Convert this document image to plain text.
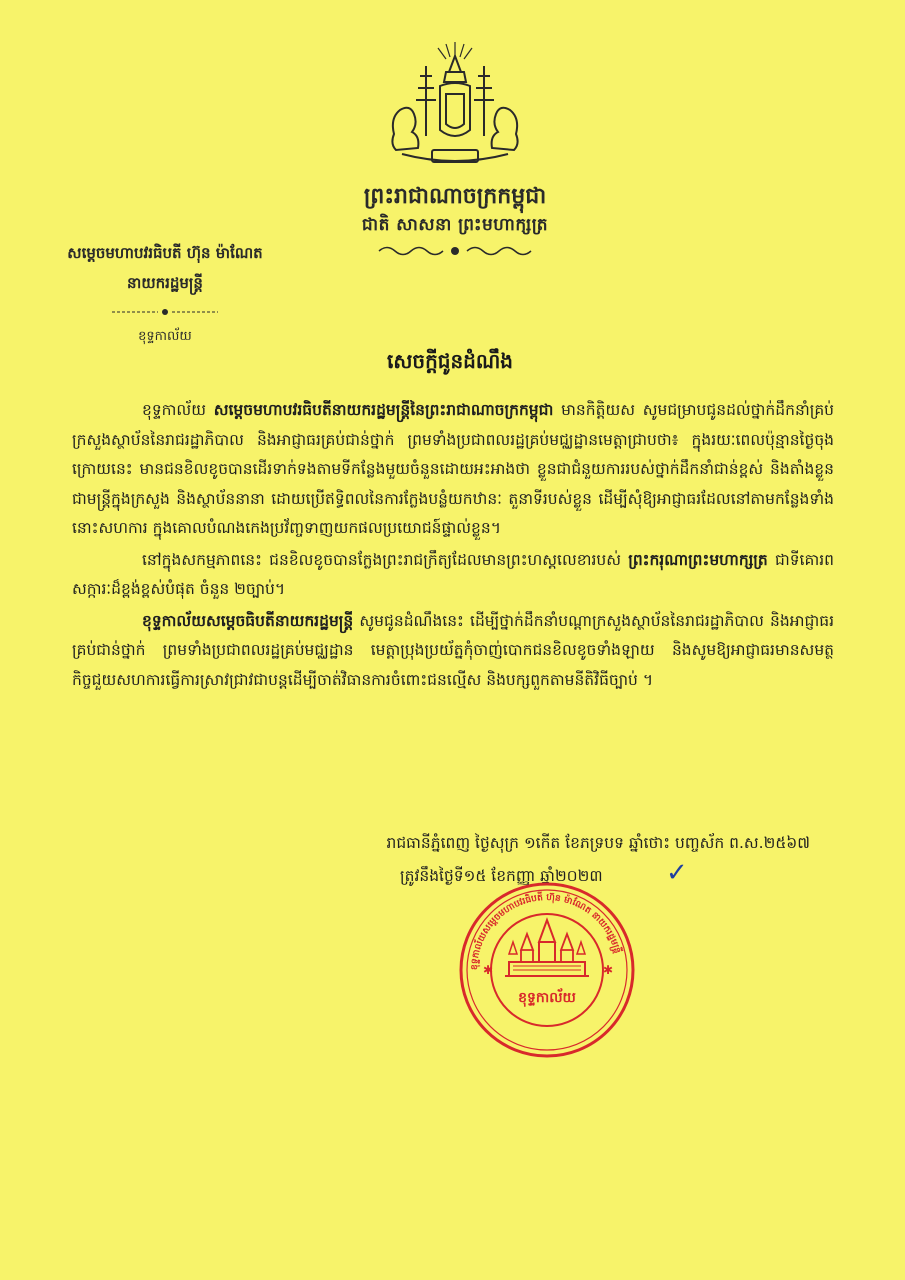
ព្រះរាជាណាចក្រកម្ពុជា
ជាតិ សាសនា ព្រះមហាក្សត្រ
សម្តេចមហាបវរធិបតី ហ៊ុន ម៉ាណែត
នាយករដ្ឋមន្ត្រី
ខុទ្ទកាល័យ
សេចក្តីជូនដំណឹង

ខុទ្ទកាល័យ សម្តេចមហាបវរធិបតីនាយករដ្ឋមន្ត្រីនៃព្រះរាជាណាចក្រកម្ពុជា មានកិត្តិយស សូមជម្រាបជូនដល់ថ្នាក់ដឹកនាំគ្រប់ក្រសួងស្ថាប័ននៃរាជរដ្ឋាភិបាល និងអាជ្ញាធរគ្រប់ជាន់ថ្នាក់ ព្រមទាំងប្រជាពលរដ្ឋគ្រប់មជ្ឈដ្ឋានមេត្តាជ្រាបថា៖ ក្នុងរយៈពេលប៉ុន្មានថ្ងៃចុងក្រោយនេះ មានជនខិលខូចបានដើរទាក់ទងតាមទីកន្លែងមួយចំនួនដោយអះអាងថា ខ្លួនជាជំនួយការរបស់ថ្នាក់ដឹកនាំជាន់ខ្ពស់ និងតាំងខ្លួនជាមន្ត្រីក្នុងក្រសួង និងស្ថាប័ននានា ដោយប្រើឥទ្ធិពលនៃការក្លែងបន្លំយកឋានៈ តួនាទីរបស់ខ្លួន ដើម្បីសុំឱ្យអាជ្ញាធរដែលនៅតាមកន្លែងទាំងនោះសហការ ក្នុងគោលបំណងកេងប្រវ័ញ្ចទាញយកផលប្រយោជន៍ផ្ទាល់ខ្លួន។

នៅក្នុងសកម្មភាពនេះ ជនខិលខូចបានក្លែងព្រះរាជក្រឹត្យដែលមានព្រះហស្តលេខារបស់ ព្រះករុណាព្រះមហាក្សត្រ ជាទីគោរពសក្ការៈដ៏ខ្ពង់ខ្ពស់បំផុត ចំនួន ២ច្បាប់។

ខុទ្ទកាល័យសម្តេចធិបតីនាយករដ្ឋមន្ត្រី សូមជូនដំណឹងនេះ ដើម្បីថ្នាក់ដឹកនាំបណ្តាក្រសួងស្ថាប័ននៃរាជរដ្ឋាភិបាល និងអាជ្ញាធរគ្រប់ជាន់ថ្នាក់ ព្រមទាំងប្រជាពលរដ្ឋគ្រប់មជ្ឈដ្ឋាន មេត្តាប្រុងប្រយ័ត្នកុំចាញ់បោកជនខិលខូចទាំងឡាយ និងសូមឱ្យអាជ្ញាធរមានសមត្ថកិច្ចជួយសហការធ្វើការស្រាវជ្រាវជាបន្តដើម្បីចាត់វិធានការចំពោះជនល្មើស និងបក្សពួកតាមនីតិវិធីច្បាប់ ។

រាជធានីភ្នំពេញ ថ្ងៃសុក្រ ១កើត ខែភទ្របទ ឆ្នាំថោះ បញ្ចស័ក ព.ស.២៥៦៧
ត្រូវនឹងថ្ងៃទី១៥ ខែកញ្ញា ឆ្នាំ២០២៣	✓
ខុទ្ទកាល័យសម្តេចមហាបវរធិបតី ហ៊ុន ម៉ាណែត នាយករដ្ឋមន្ត្រី
ខុទ្ទកាល័យ
✱	✱
